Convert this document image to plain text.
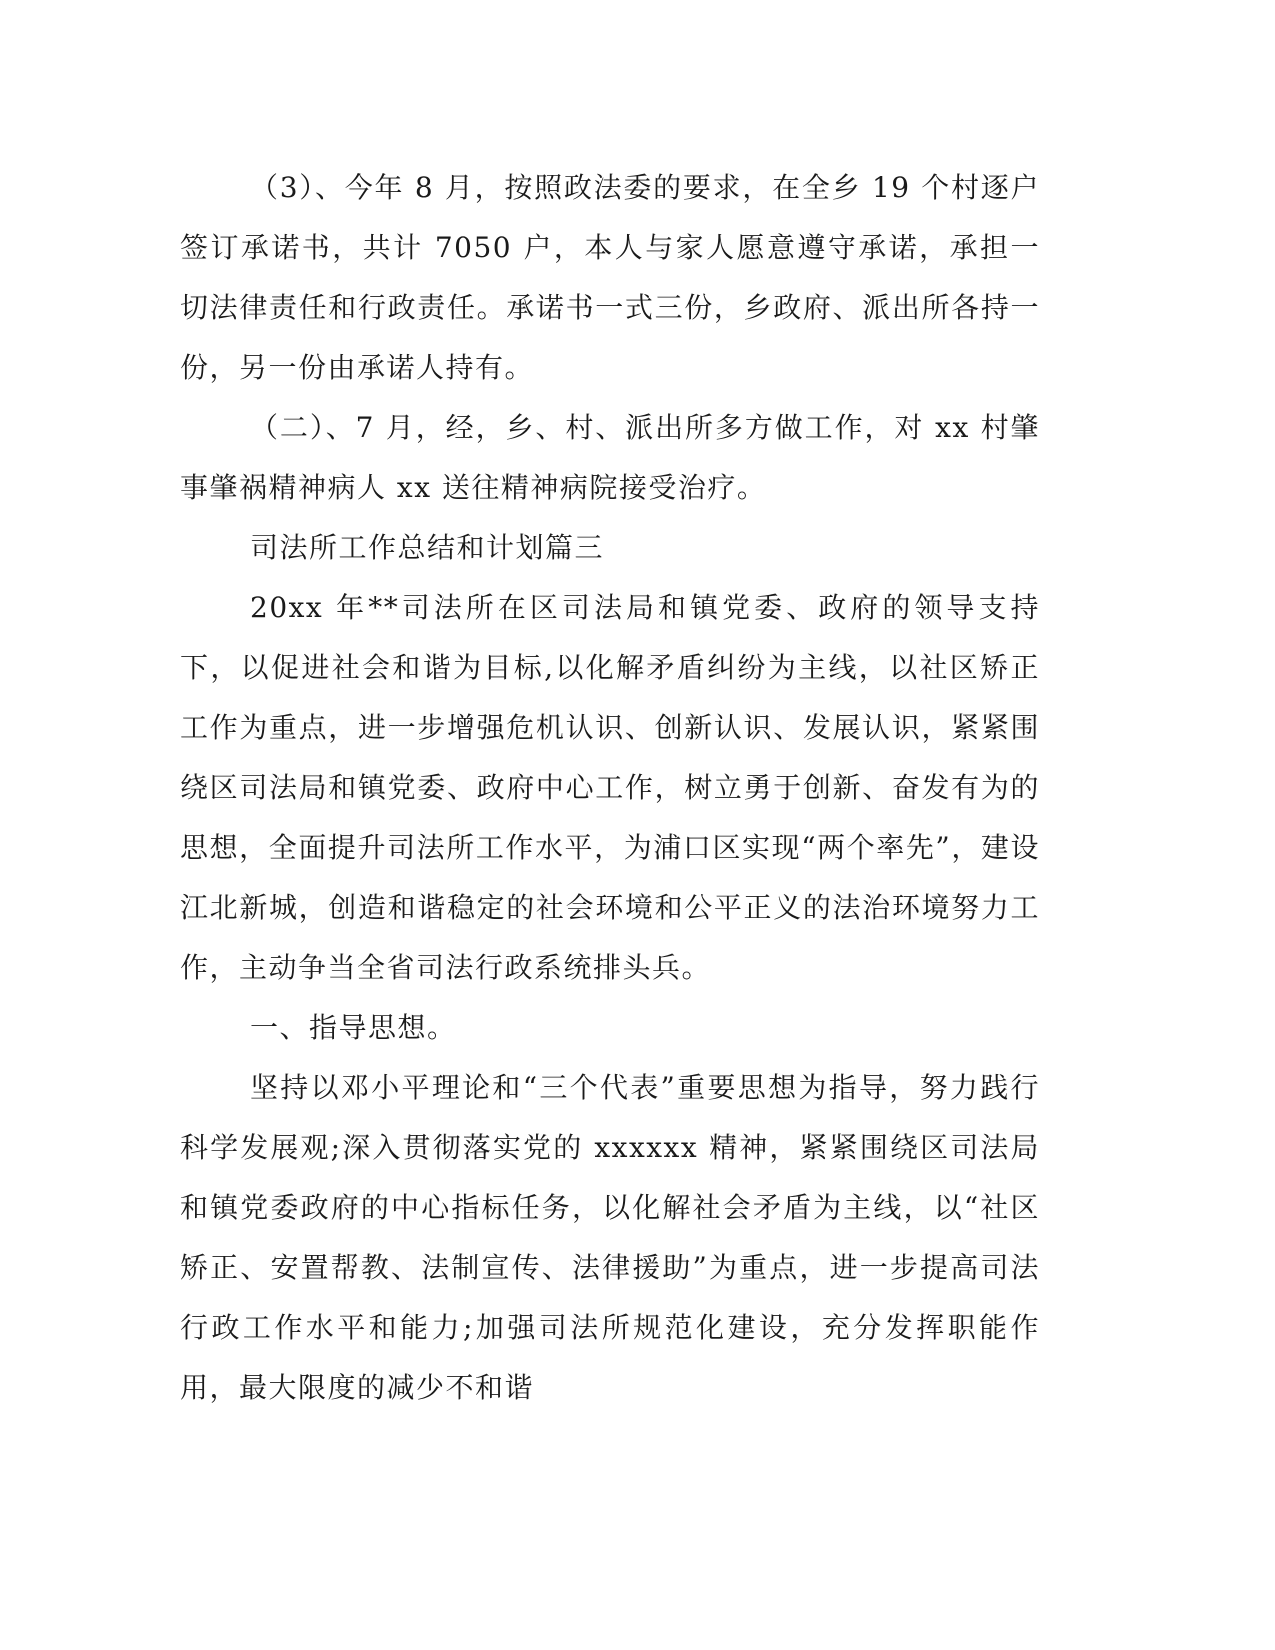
（3）、今年 8 月，按照政法委的要求，在全乡 19 个村逐户签订承诺书，共计 7050 户，本人与家人愿意遵守承诺，承担一切法律责任和行政责任。承诺书一式三份，乡政府、派出所各持一份，另一份由承诺人持有。

（二）、7 月，经，乡、村、派出所多方做工作，对 xx 村肇事肇祸精神病人 xx 送往精神病院接受治疗。

司法所工作总结和计划篇三

20xx 年**司法所在区司法局和镇党委、政府的领导支持下，以促进社会和谐为目标,以化解矛盾纠纷为主线，以社区矫正工作为重点，进一步增强危机认识、创新认识、发展认识，紧紧围绕区司法局和镇党委、政府中心工作，树立勇于创新、奋发有为的思想，全面提升司法所工作水平，为浦口区实现“两个率先”，建设江北新城，创造和谐稳定的社会环境和公平正义的法治环境努力工作，主动争当全省司法行政系统排头兵。

一、指导思想。

坚持以邓小平理论和“三个代表”重要思想为指导，努力践行科学发展观;深入贯彻落实党的 xxxxxx 精神，紧紧围绕区司法局和镇党委政府的中心指标任务，以化解社会矛盾为主线，以“社区矫正、安置帮教、法制宣传、法律援助”为重点，进一步提高司法行政工作水平和能力;加强司法所规范化建设，充分发挥职能作用，最大限度的减少不和谐
